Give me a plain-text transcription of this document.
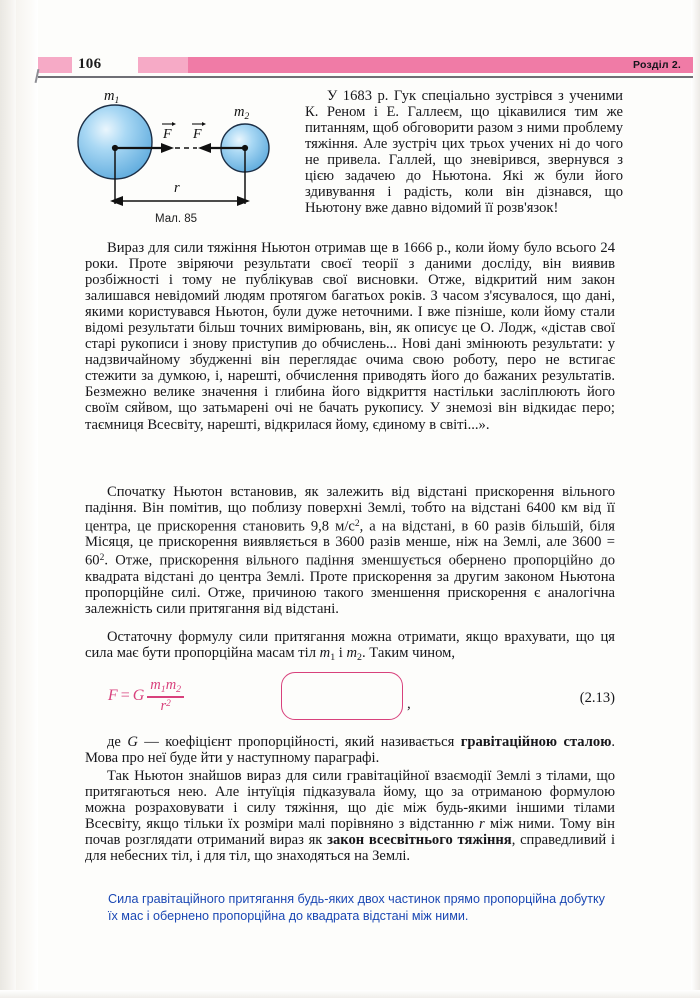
106	Розділ 2.
$m_1$
$m_2$
F F
r
Мал. 85

У 1683 р. Гук спеціально зустрівся з ученими К. Реном і Е. Галлеєм, що цікавилися тим же питанням, щоб обговорити разом з ними проблему тяжіння. Але зустріч цих трьох учених ні до чого не привела. Галлей, що зневірився, звернувся з цією задачею до Ньютона. Які ж були його здивування і радість, коли він дізнався, що Ньютону вже давно відомий її розв'язок!

Вираз для сили тяжіння Ньютон отримав ще в 1666 р., коли йому було всього 24 роки. Проте звіряючи результати своєї теорії з даними досліду, він виявив розбіжності і тому не публікував свої висновки. Отже, відкритий ним закон залишався невідомий людям протягом багатьох років. З часом з'ясувалося, що дані, якими користувався Ньютон, були дуже неточними. І вже пізніше, коли йому стали відомі результати більш точних вимірювань, він, як описує це О. Лодж, «дістав свої старі рукописи і знову приступив до обчислень... Нові дані змінюють результати: у надзвичайному збудженні він переглядає очима свою роботу, перо не встигає стежити за думкою, і, нарешті, обчислення приводять його до бажаних результатів. Безмежно велике значення і глибина його відкриття настільки засліплюють його своїм сяйвом, що затьмарені очі не бачать рукопису. У знемозі він відкидає перо; таємниця Всесвіту, нарешті, відкрилася йому, єдиному в світі...».

Спочатку Ньютон встановив, як залежить від відстані прискорення вільного падіння. Він помітив, що поблизу поверхні Землі, тобто на відстані 6400 км від її центра, це прискорення становить 9,8 $м/с^2$, а на відстані, в 60 разів більшій, біля Місяця, це прискорення виявляється в 3600 разів менше, ніж на Землі, але $3600 = 60^2$. Отже, прискорення вільного падіння зменшується обернено пропорційно до квадрата відстані до центра Землі. Проте прискорення за другим законом Ньютона пропорційне силі. Отже, причиною такого зменшення прискорення є аналогічна залежність сили притягання від відстані.

Остаточну формулу сили притягання можна отримати, якщо врахувати, що ця сила має бути пропорційна масам тіл $m_1$ і $m_2$. Таким чином,

F = G $\frac{m_1m_2}{r^2}$	,	(2.13)

де G — коефіцієнт пропорційності, який називається гравітаційною сталою. Мова про неї буде йти у наступному параграфі.

Так Ньютон знайшов вираз для сили гравітаційної взаємодії Землі з тілами, що притягаються нею. Але інтуїція підказувала йому, що за отриманою формулою можна розраховувати і силу тяжіння, що діє між будь-якими іншими тілами Всесвіту, якщо тільки їх розміри малі порівняно з відстанню r між ними. Тому він почав розглядати отриманий вираз як закон всесвітнього тяжіння, справедливий і для небесних тіл, і для тіл, що знаходяться на Землі.

Сила гравітаційного притягання будь-яких двох частинок прямо пропорційна добутку їх мас і обернено пропорційна до квадрата відстані між ними.
